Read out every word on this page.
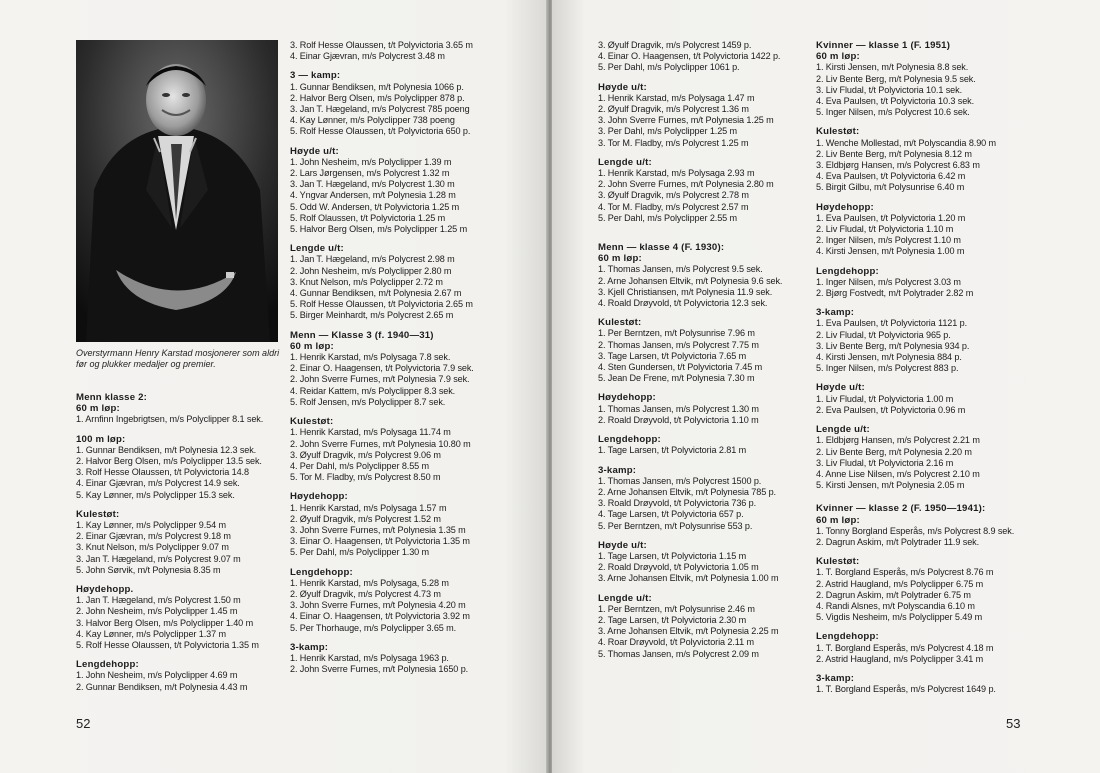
Overstyrmann Henry Karstad mosjonerer som aldri før og plukker medaljer og premier.
Menn klasse 2:
60 m løp:
1. Arnfinn Ingebrigtsen, m/s Polyclipper 8.1 sek.
100 m løp:
1. Gunnar Bendiksen, m/t Polynesia 12.3 sek.
2. Halvor Berg Olsen, m/s Polyclipper 13.5 sek.
3. Rolf Hesse Olaussen, t/t Polyvictoria 14.8
4. Einar Gjævran, m/s Polycrest 14.9 sek.
5. Kay Lønner, m/s Polyclipper 15.3 sek.
Kulestøt:
1. Kay Lønner, m/s Polyclipper 9.54 m
2. Einar Gjævran, m/s Polycrest 9.18 m
3. Knut Nelson, m/s Polyclipper 9.07 m
3. Jan T. Hægeland, m/s Polycrest 9.07 m
5. John Sørvik, m/t Polynesia 8.35 m
Høydehopp.
1. Jan T. Hægeland, m/s Polycrest 1.50 m
2. John Nesheim, m/s Polyclipper 1.45 m
3. Halvor Berg Olsen, m/s Polyclipper 1.40 m
4. Kay Lønner, m/s Polyclipper 1.37 m
5. Rolf Hesse Olaussen, t/t Polyvictoria 1.35 m
Lengdehopp:
1. John Nesheim, m/s Polyclipper 4.69 m
2. Gunnar Bendiksen, m/t Polynesia 4.43 m
3. Rolf Hesse Olaussen, t/t Polyvictoria 3.65 m
4. Einar Gjævran, m/s Polycrest 3.48 m
3 — kamp:
1. Gunnar Bendiksen, m/t Polynesia 1066 p.
2. Halvor Berg Olsen, m/s Polyclipper 878 p.
3. Jan T. Hægeland, m/s Polycrest 785 poeng
4. Kay Lønner, m/s Polyclipper 738 poeng
5. Rolf Hesse Olaussen, t/t Polyvictoria 650 p.
Høyde u/t:
1. John Nesheim, m/s Polyclipper 1.39 m
2. Lars Jørgensen, m/s Polycrest 1.32 m
3. Jan T. Hægeland, m/s Polycrest 1.30 m
4. Yngvar Andersen, m/t Polynesia 1.28 m
5. Odd W. Andersen, t/t Polyvictoria 1.25 m
5. Rolf Olaussen, t/t Polyvictoria 1.25 m
5. Halvor Berg Olsen, m/s Polyclipper 1.25 m
Lengde u/t:
1. Jan T. Hægeland, m/s Polycrest 2.98 m
2. John Nesheim, m/s Polyclipper 2.80 m
3. Knut Nelson, m/s Polyclipper 2.72 m
4. Gunnar Bendiksen, m/t Polynesia 2.67 m
5. Rolf Hesse Olaussen, t/t Polyvictoria 2.65 m
5. Birger Meinhardt, m/s Polycrest 2.65 m
Menn — Klasse 3 (f. 1940—31)
60 m løp:
1. Henrik Karstad, m/s Polysaga 7.8 sek.
2. Einar O. Haagensen, t/t Polyvictoria 7.9 sek.
2. John Sverre Furnes, m/t Polynesia 7.9 sek.
4. Reidar Kattem, m/s Polyclipper 8.3 sek.
5. Rolf Jensen, m/s Polyclipper 8.7 sek.
Kulestøt:
1. Henrik Karstad, m/s Polysaga 11.74 m
2. John Sverre Furnes, m/t Polynesia 10.80 m
3. Øyulf Dragvik, m/s Polycrest 9.06 m
4. Per Dahl, m/s Polyclipper 8.55 m
5. Tor M. Fladby, m/s Polycrest 8.50 m
Høydehopp:
1. Henrik Karstad, m/s Polysaga 1.57 m
2. Øyulf Dragvik, m/s Polycrest 1.52 m
3. John Sverre Furnes, m/t Polynesia 1.35 m
3. Einar O. Haagensen, t/t Polyvictoria 1.35 m
5. Per Dahl, m/s Polyclipper 1.30 m
Lengdehopp:
1. Henrik Karstad, m/s Polysaga, 5.28 m
2. Øyulf Dragvik, m/s Polycrest 4.73 m
3. John Sverre Furnes, m/t Polynesia 4.20 m
4. Einar O. Haagensen, t/t Polyvictoria 3.92 m
5. Per Thorhauge, m/s Polyclipper 3.65 m.
3-kamp:
1. Henrik Karstad, m/s Polysaga 1963 p.
2. John Sverre Furnes, m/t Polynesia 1650 p.
52
3. Øyulf Dragvik, m/s Polycrest 1459 p.
4. Einar O. Haagensen, t/t Polyvictoria 1422 p.
5. Per Dahl, m/s Polyclipper 1061 p.
Høyde u/t:
1. Henrik Karstad, m/s Polysaga 1.47 m
2. Øyulf Dragvik, m/s Polycrest 1.36 m
3. John Sverre Furnes, m/t Polynesia 1.25 m
3. Per Dahl, m/s Polyclipper 1.25 m
3. Tor M. Fladby, m/s Polycrest 1.25 m
Lengde u/t:
1. Henrik Karstad, m/s Polysaga 2.93 m
2. John Sverre Furnes, m/t Polynesia 2.80 m
3. Øyulf Dragvik, m/s Polycrest 2.78 m
4. Tor M. Fladby, m/s Polycrest 2.57 m
5. Per Dahl, m/s Polyclipper 2.55 m
Menn — klasse 4 (F. 1930):
60 m løp:
1. Thomas Jansen, m/s Polycrest 9.5 sek.
2. Arne Johansen Eltvik, m/t Polynesia 9.6 sek.
3. Kjell Christiansen, m/t Polynesia 11.9 sek.
4. Roald Drøyvold, t/t Polyvictoria 12.3 sek.
Kulestøt:
1. Per Berntzen, m/t Polysunrise 7.96 m
2. Thomas Jansen, m/s Polycrest 7.75 m
3. Tage Larsen, t/t Polyvictoria 7.65 m
4. Sten Gundersen, t/t Polyvictoria 7.45 m
5. Jean De Frene, m/t Polynesia 7.30 m
Høydehopp:
1. Thomas Jansen, m/s Polycrest 1.30 m
2. Roald Drøyvold, t/t Polyvictoria 1.10 m
Lengdehopp:
1. Tage Larsen, t/t Polyvictoria 2.81 m
3-kamp:
1. Thomas Jansen, m/s Polycrest 1500 p.
2. Arne Johansen Eltvik, m/t Polynesia 785 p.
3. Roald Drøyvold, t/t Polyvictoria 736 p.
4. Tage Larsen, t/t Polyvictoria 657 p.
5. Per Berntzen, m/t Polysunrise 553 p.
Høyde u/t:
1. Tage Larsen, t/t Polyvictoria 1.15 m
2. Roald Drøyvold, t/t Polyvictoria 1.05 m
3. Arne Johansen Eltvik, m/t Polynesia 1.00 m
Lengde u/t:
1. Per Berntzen, m/t Polysunrise 2.46 m
2. Tage Larsen, t/t Polyvictoria 2.30 m
3. Arne Johansen Eltvik, m/t Polynesia 2.25 m
4. Roar Drøyvold, t/t Polyvictoria 2.11 m
5. Thomas Jansen, m/s Polycrest 2.09 m
Kvinner — klasse 1 (F. 1951)
60 m løp:
1. Kirsti Jensen, m/t Polynesia 8.8 sek.
2. Liv Bente Berg, m/t Polynesia 9.5 sek.
3. Liv Fludal, t/t Polyvictoria 10.1 sek.
4. Eva Paulsen, t/t Polyvictoria 10.3 sek.
5. Inger Nilsen, m/s Polycrest 10.6 sek.
Kulestøt:
1. Wenche Mollestad, m/t Polyscandia 8.90 m
2. Liv Bente Berg, m/t Polynesia 8.12 m
3. Eldbjørg Hansen, m/s Polycrest 6.83 m
4. Eva Paulsen, t/t Polyvictoria 6.42 m
5. Birgit Gilbu, m/t Polysunrise 6.40 m
Høydehopp:
1. Eva Paulsen, t/t Polyvictoria 1.20 m
2. Liv Fludal, t/t Polyvictoria 1.10 m
2. Inger Nilsen, m/s Polycrest 1.10 m
4. Kirsti Jensen, m/t Polynesia 1.00 m
Lengdehopp:
1. Inger Nilsen, m/s Polycrest 3.03 m
2. Bjørg Fostvedt, m/t Polytrader 2.82 m
3-kamp:
1. Eva Paulsen, t/t Polyvictoria 1121 p.
2. Liv Fludal, t/t Polyvictoria 965 p.
3. Liv Bente Berg, m/t Polynesia 934 p.
4. Kirsti Jensen, m/t Polynesia 884 p.
5. Inger Nilsen, m/s Polycrest 883 p.
Høyde u/t:
1. Liv Fludal, t/t Polyvictoria 1.00 m
2. Eva Paulsen, t/t Polyvictoria 0.96 m
Lengde u/t:
1. Eldbjørg Hansen, m/s Polycrest 2.21 m
2. Liv Bente Berg, m/t Polynesia 2.20 m
3. Liv Fludal, t/t Polyvictoria 2.16 m
4. Anne Lise Nilsen, m/s Polycrest 2.10 m
5. Kirsti Jensen, m/t Polynesia 2.05 m
Kvinner — klasse 2 (F. 1950—1941):
60 m løp:
1. Tonny Borgland Esperås, m/s Polycrest 8.9 sek.
2. Dagrun Askim, m/t Polytrader 11.9 sek.
Kulestøt:
1. T. Borgland Esperås, m/s Polycrest 8.76 m
2. Astrid Haugland, m/s Polyclipper 6.75 m
2. Dagrun Askim, m/t Polytrader 6.75 m
4. Randi Alsnes, m/t Polyscandia 6.10 m
5. Vigdis Nesheim, m/s Polyclipper 5.49 m
Lengdehopp:
1. T. Borgland Esperås, m/s Polycrest 4.18 m
2. Astrid Haugland, m/s Polyclipper 3.41 m
3-kamp:
1. T. Borgland Esperås, m/s Polycrest 1649 p.
53
